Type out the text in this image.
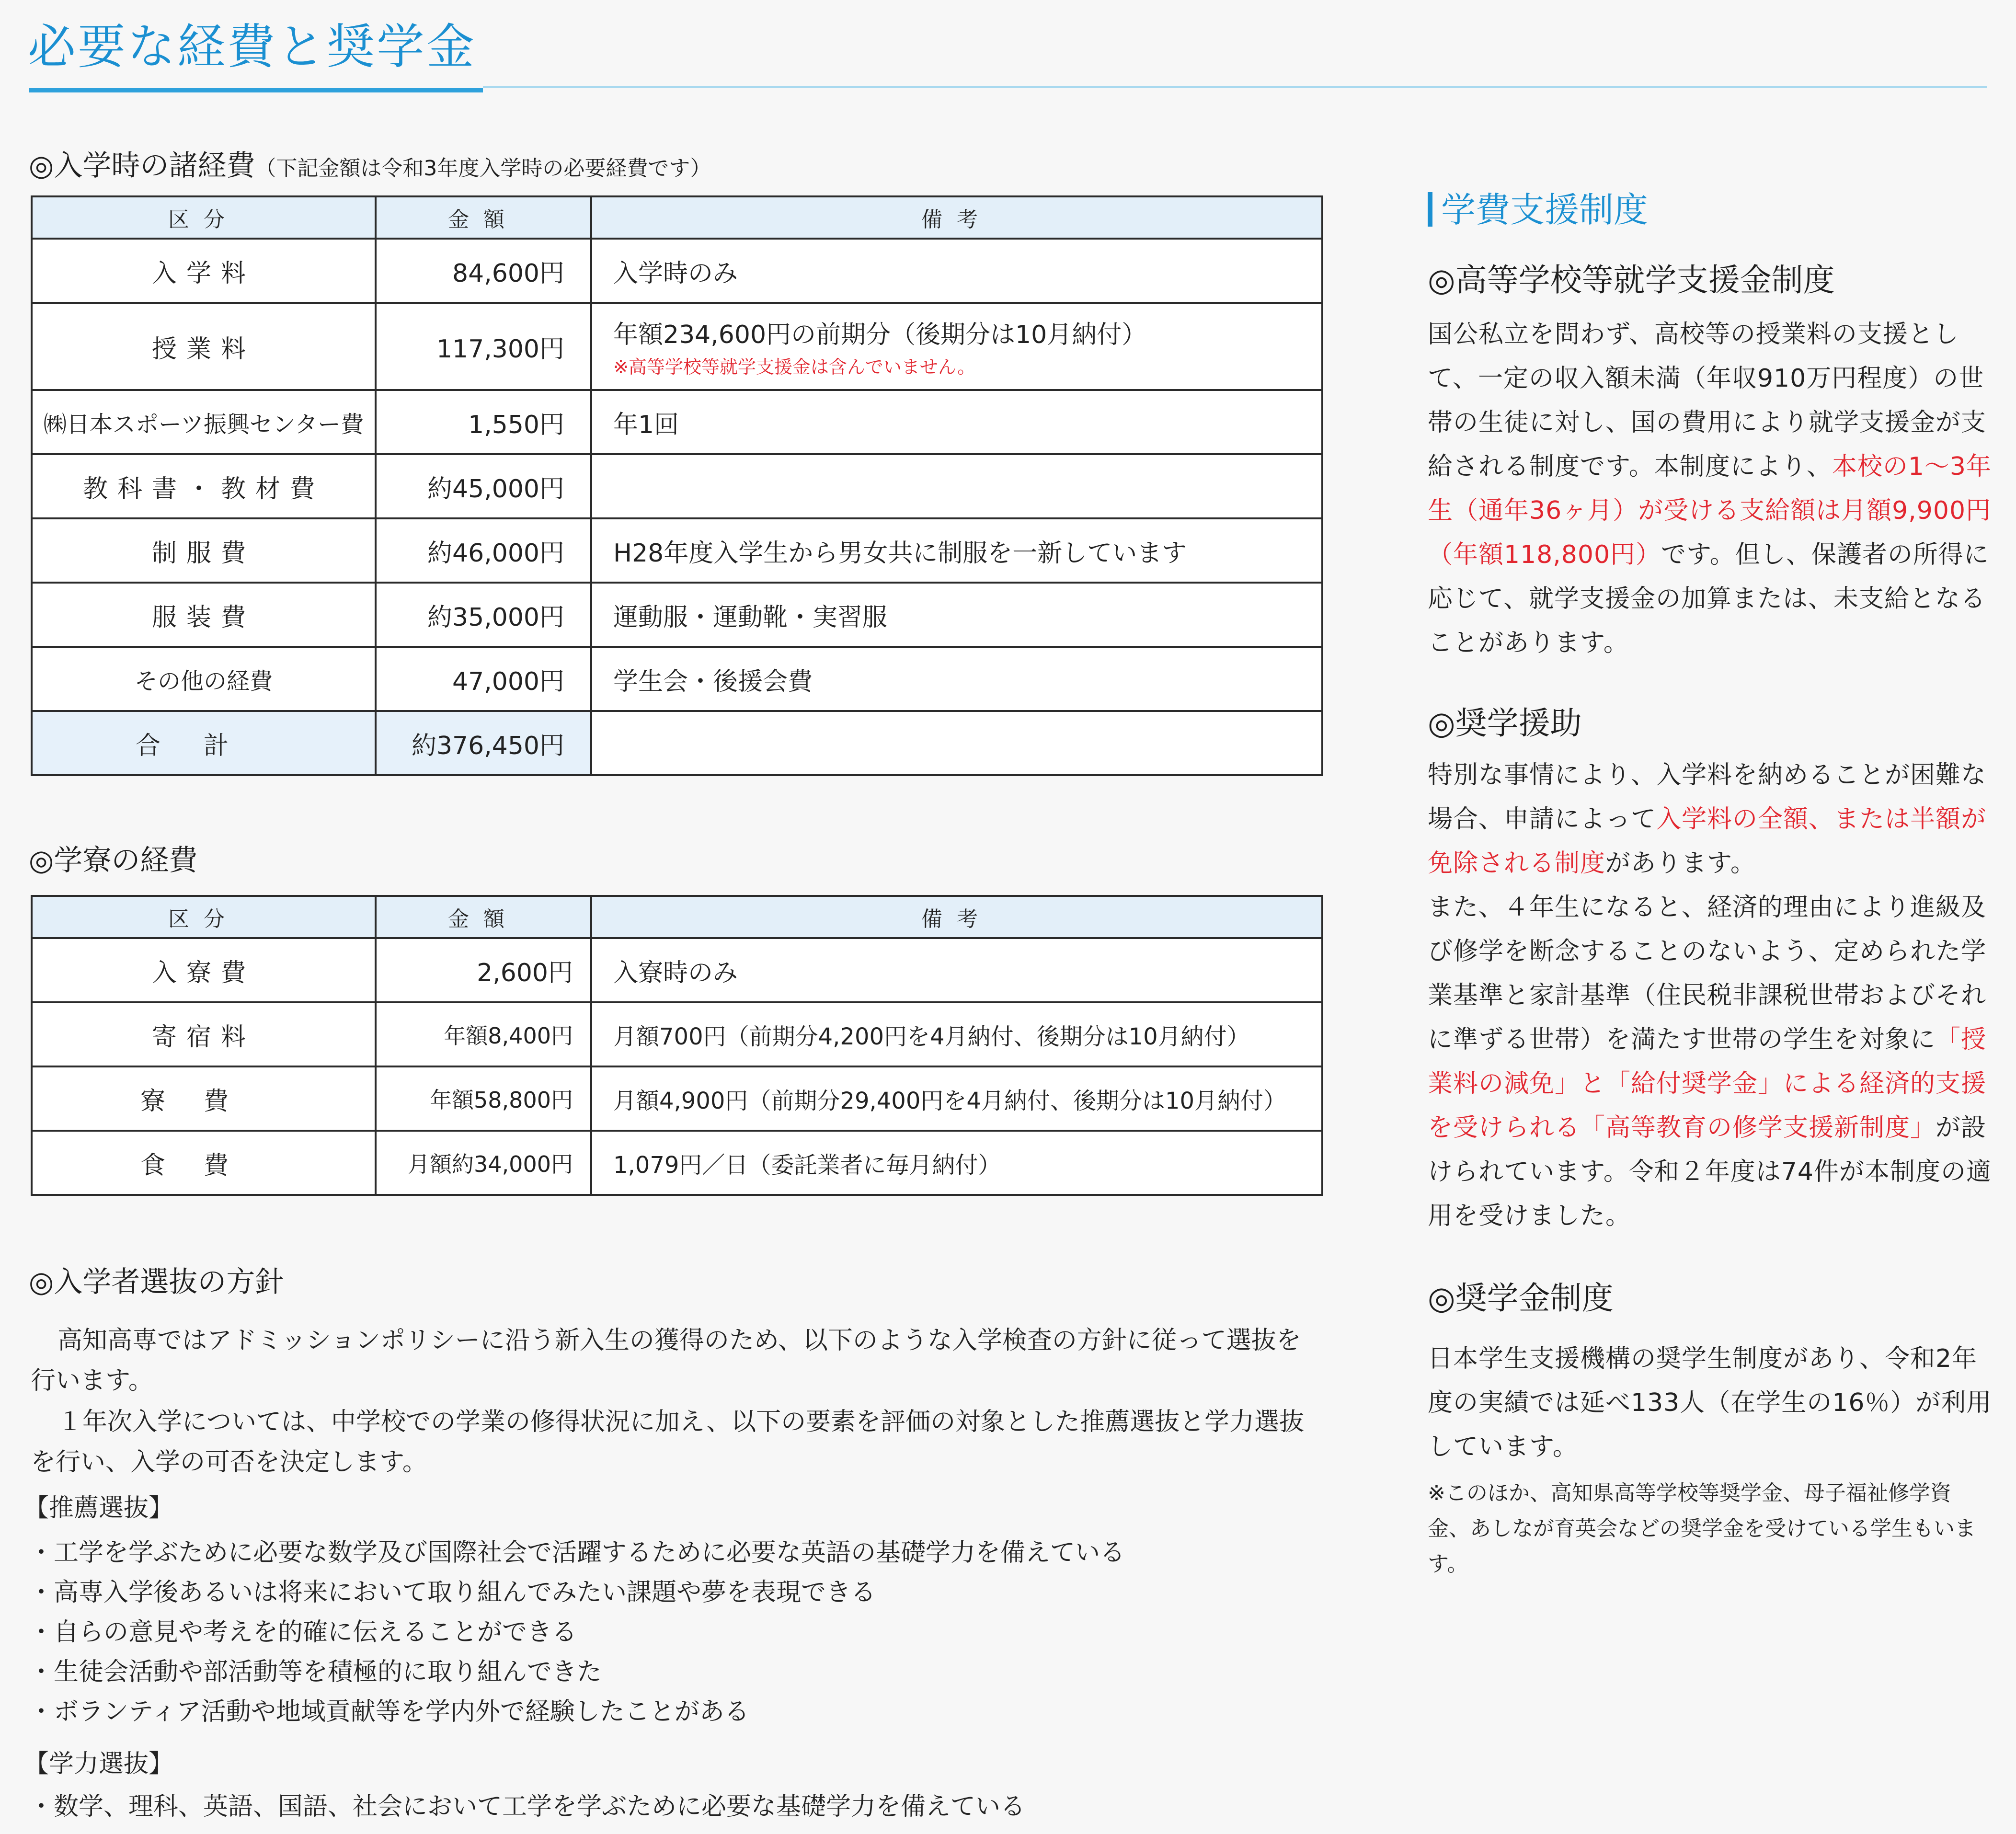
必要な経費と奨学金
◎入学時の諸経費（下記金額は令和3年度入学時の必要経費です）
区分	金額	備考
入学料	84,600円	入学時のみ
授業料	117,300円	年額234,600円の前期分（後期分は10月納付）
※高等学校等就学支援金は含んでいません。

㈱日本スポーツ振興センター費	1,550円	年1回
教科書・教材費	約45,000円	
制服費	約46,000円	H28年度入学生から男女共に制服を一新しています
服装費	約35,000円	運動服・運動靴・実習服
その他の経費	47,000円	学生会・後援会費
合計	約376,450円	
◎学寮の経費
区分	金額	備考
入寮費	2,600円	入寮時のみ
寄宿料	年額8,400円	月額700円（前期分4,200円を4月納付、後期分は10月納付）
寮費	年額58,800円	月額4,900円（前期分29,400円を4月納付、後期分は10月納付）
食費	月額約34,000円	1,079円／日（委託業者に毎月納付）
◎入学者選抜の方針
高知高専ではアドミッションポリシーに沿う新入生の獲得のため、以下のような入学検査の方針に従って選抜を行います。
１年次入学については、中学校での学業の修得状況に加え、以下の要素を評価の対象とした推薦選抜と学力選抜を行い、入学の可否を決定します。
【推薦選抜】
・ 工学を学ぶために必要な数学及び国際社会で活躍するために必要な英語の基礎学力を備えている
・ 高専入学後あるいは将来において取り組んでみたい課題や夢を表現できる
・ 自らの意見や考えを的確に伝えることができる
・ 生徒会活動や部活動等を積極的に取り組んできた
・ ボランティア活動や地域貢献等を学内外で経験したことがある
【学力選抜】
・ 数学、理科、英語、国語、社会において工学を学ぶために必要な基礎学力を備えている
学費支援制度
◎高等学校等就学支援金制度
国公私立を問わず、高校等の授業料の支援として、一定の収入額未満（年収910万円程度）の世帯の生徒に対し、国の費用により就学支援金が支給される制度です。本制度により、本校の1〜3年生（通年36ヶ月）が受ける支給額は月額9,900円（年額118,800円）です。但し、保護者の所得に応じて、就学支援金の加算または、未支給となることがあります。
◎奨学援助
特別な事情により、入学料を納めることが困難な場合、申請によって入学料の全額、または半額が免除される制度があります。
また、４年生になると、経済的理由により進級及び修学を断念することのないよう、定められた学業基準と家計基準（住民税非課税世帯およびそれに準ずる世帯）を満たす世帯の学生を対象に「授業料の減免」と「給付奨学金」による経済的支援を受けられる「高等教育の修学支援新制度」が設けられています。令和２年度は74件が本制度の適用を受けました。
◎奨学金制度
日本学生支援機構の奨学生制度があり、令和2年度の実績では延べ133人（在学生の16％）が利用しています。
※このほか、高知県高等学校等奨学金、母子福祉修学資金、あしなが育英会などの奨学金を受けている学生もいます。
